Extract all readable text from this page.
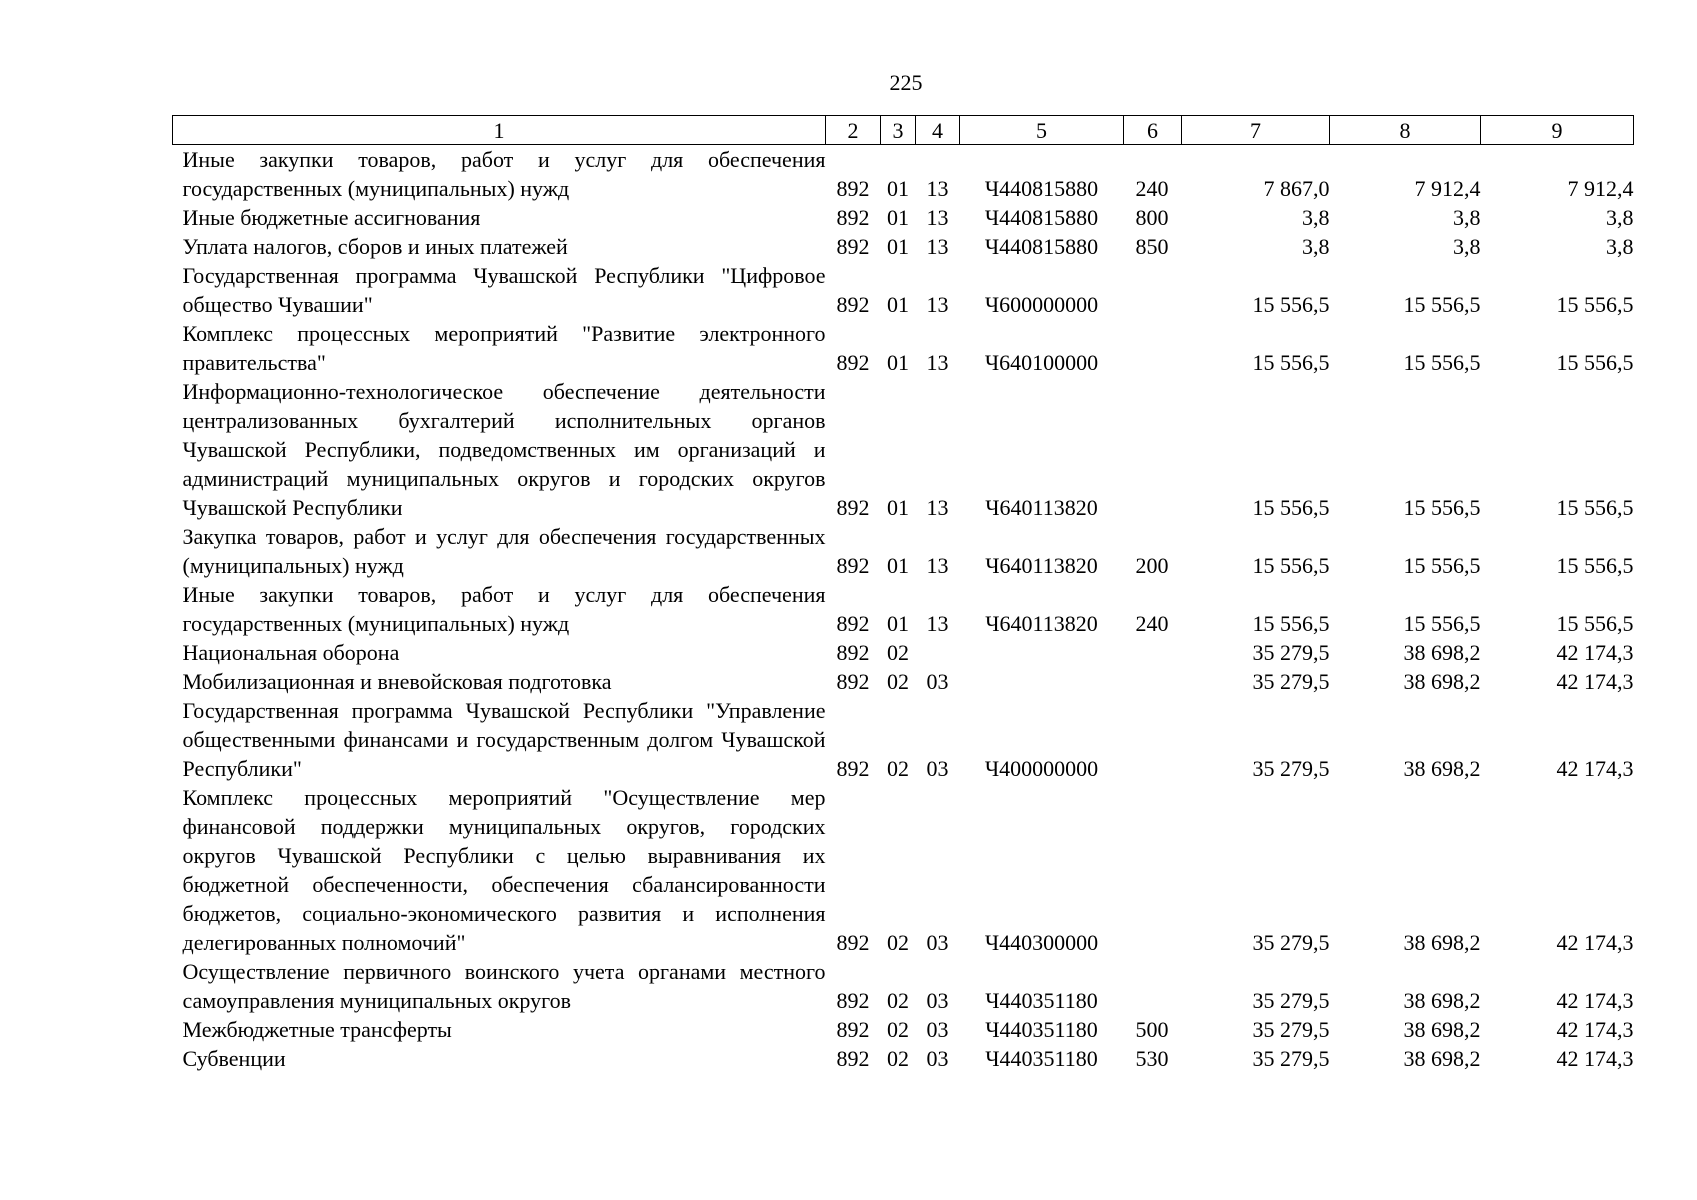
225
1	2	3	4	5	6	7	8	9
Иные закупки товаров, работ и услуг для обеспечения государственных (муниципальных) нужд	892	01	13	Ч440815880	240	7 867,0	7 912,4	7 912,4
Иные бюджетные ассигнования	892	01	13	Ч440815880	800	3,8	3,8	3,8
Уплата налогов, сборов и иных платежей	892	01	13	Ч440815880	850	3,8	3,8	3,8
Государственная программа Чувашской Республики "Цифровое общество Чувашии"	892	01	13	Ч600000000		15 556,5	15 556,5	15 556,5
Комплекс процессных мероприятий "Развитие электронного правительства"	892	01	13	Ч640100000		15 556,5	15 556,5	15 556,5
Информационно-технологическое обеспечение деятельности централизованных бухгалтерий исполнительных органов Чувашской Республики, подведомственных им организаций и администраций муниципальных округов и городских округов Чувашской Республики	892	01	13	Ч640113820		15 556,5	15 556,5	15 556,5
Закупка товаров, работ и услуг для обеспечения государственных (муниципальных) нужд	892	01	13	Ч640113820	200	15 556,5	15 556,5	15 556,5
Иные закупки товаров, работ и услуг для обеспечения государственных (муниципальных) нужд	892	01	13	Ч640113820	240	15 556,5	15 556,5	15 556,5
Национальная оборона	892	02				35 279,5	38 698,2	42 174,3
Мобилизационная и вневойсковая подготовка	892	02	03			35 279,5	38 698,2	42 174,3
Государственная программа Чувашской Республики "Управление общественными финансами и государственным долгом Чувашской Республики"	892	02	03	Ч400000000		35 279,5	38 698,2	42 174,3
Комплекс процессных мероприятий "Осуществление мер финансовой поддержки муниципальных округов, городских округов Чувашской Республики с целью выравнивания их бюджетной обеспеченности, обеспечения сбалансированности бюджетов, социально-экономического развития и исполнения делегированных полномочий"	892	02	03	Ч440300000		35 279,5	38 698,2	42 174,3
Осуществление первичного воинского учета органами местного самоуправления муниципальных округов	892	02	03	Ч440351180		35 279,5	38 698,2	42 174,3
Межбюджетные трансферты	892	02	03	Ч440351180	500	35 279,5	38 698,2	42 174,3
Субвенции	892	02	03	Ч440351180	530	35 279,5	38 698,2	42 174,3
